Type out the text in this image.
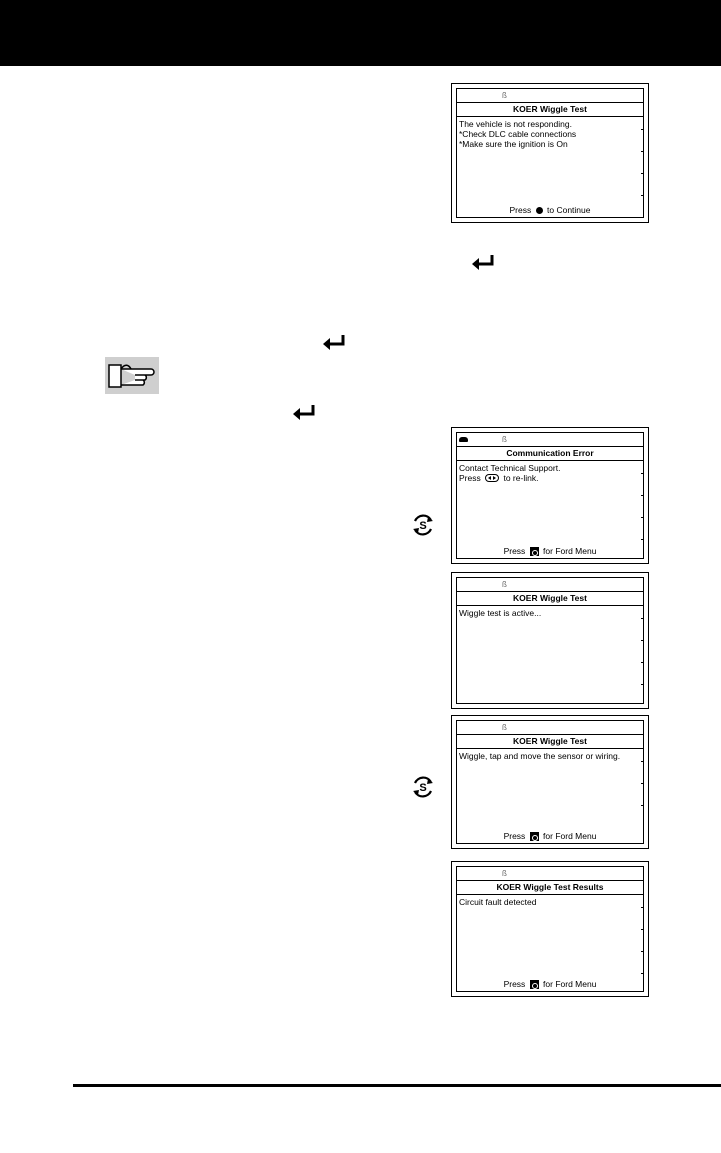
ß
KOER Wiggle Test
The vehicle is not responding.
*Check DLC cable connections
*Make sure the ignition is On
Press to Continue
ß
Communication Error
Contact Technical Support.
Press	to re-link.
Press for Ford Menu
S
ß
KOER Wiggle Test
Wiggle test is active...
ß
KOER Wiggle Test
Wiggle, tap and move the sensor or wiring.
Press for Ford Menu
S
ß
KOER Wiggle Test Results
Circuit fault detected
Press for Ford Menu
